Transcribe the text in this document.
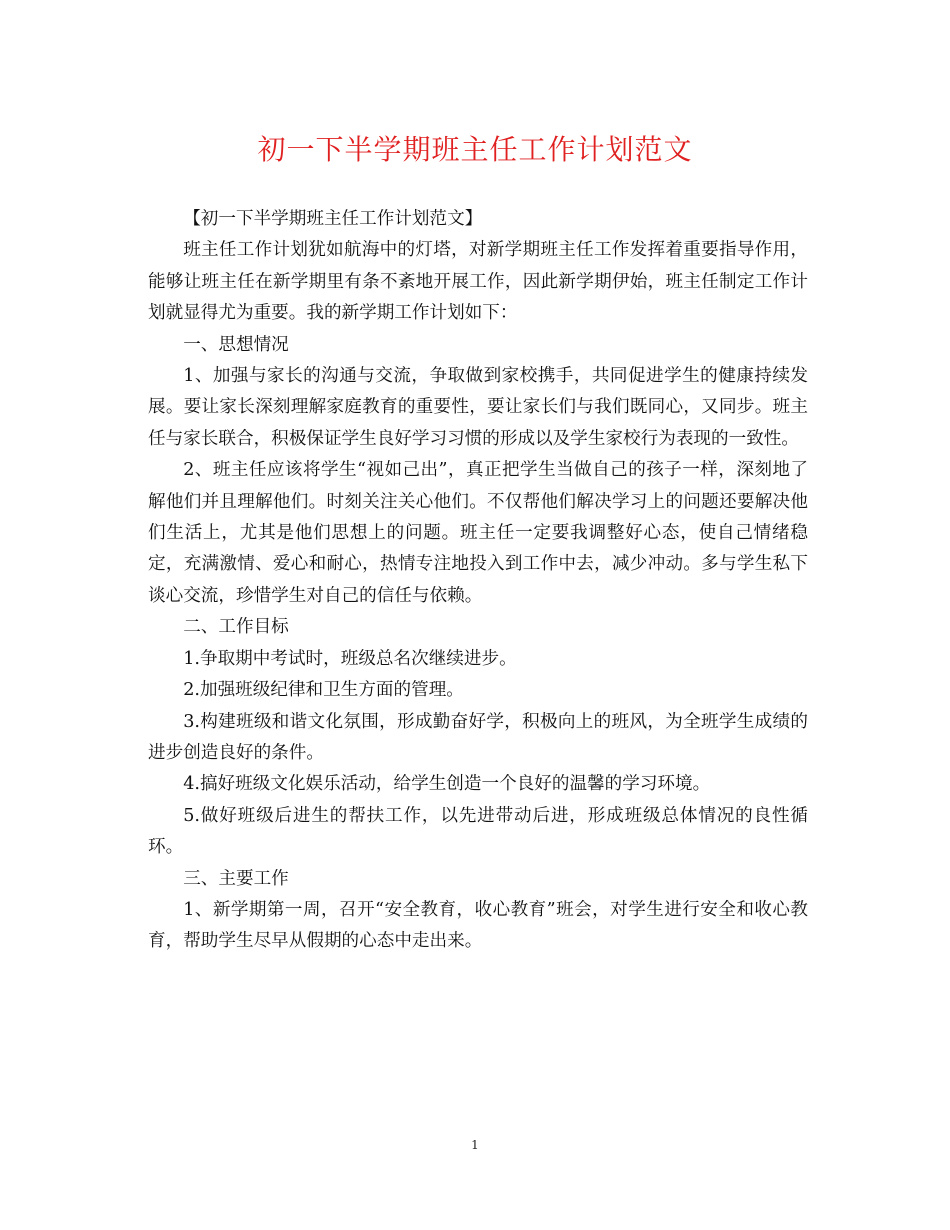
初一下半学期班主任工作计划范文

【初一下半学期班主任工作计划范文】

班主任工作计划犹如航海中的灯塔，对新学期班主任工作发挥着重要指导作用，能够让班主任在新学期里有条不紊地开展工作，因此新学期伊始，班主任制定工作计划就显得尤为重要。我的新学期工作计划如下：

一、思想情况

1、加强与家长的沟通与交流，争取做到家校携手，共同促进学生的健康持续发展。要让家长深刻理解家庭教育的重要性，要让家长们与我们既同心，又同步。班主任与家长联合，积极保证学生良好学习习惯的形成以及学生家校行为表现的一致性。

2、班主任应该将学生“视如己出”，真正把学生当做自己的孩子一样，深刻地了解他们并且理解他们。时刻关注关心他们。不仅帮他们解决学习上的问题还要解决他们生活上，尤其是他们思想上的问题。班主任一定要我调整好心态，使自己情绪稳定，充满激情、爱心和耐心，热情专注地投入到工作中去，减少冲动。多与学生私下谈心交流，珍惜学生对自己的信任与依赖。

二、工作目标

1.争取期中考试时，班级总名次继续进步。

2.加强班级纪律和卫生方面的管理。

3.构建班级和谐文化氛围，形成勤奋好学，积极向上的班风，为全班学生成绩的进步创造良好的条件。

4.搞好班级文化娱乐活动，给学生创造一个良好的温馨的学习环境。

5.做好班级后进生的帮扶工作，以先进带动后进，形成班级总体情况的良性循环。

三、主要工作

1、新学期第一周，召开“安全教育，收心教育”班会，对学生进行安全和收心教育，帮助学生尽早从假期的心态中走出来。

1
